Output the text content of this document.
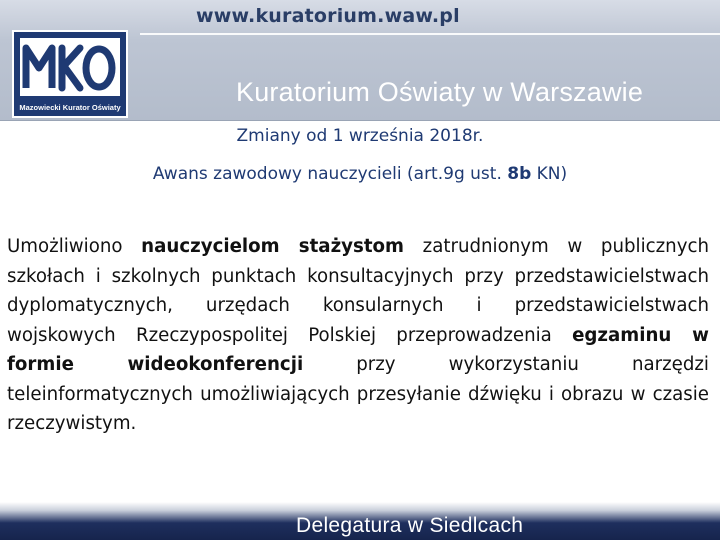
www.kuratorium.waw.pl
Mazowiecki Kurator Oświaty
Kuratorium Oświaty w Warszawie
Zmiany od 1 września 2018r.
Awans zawodowy nauczycieli (art.9g ust. 8b KN)
Umożliwiono nauczycielom stażystom zatrudnionym w publicznych szkołach i szkolnych punktach konsultacyjnych przy przedstawicielstwach dyplomatycznych, urzędach konsularnych i przedstawicielstwach wojskowych Rzeczypospolitej Polskiej przeprowadzenia egzaminu w formie wideokonferencji przy wykorzystaniu narzędzi teleinformatycznych umożliwiających przesyłanie dźwięku i obrazu w czasie rzeczywistym.
Delegatura w Siedlcach
